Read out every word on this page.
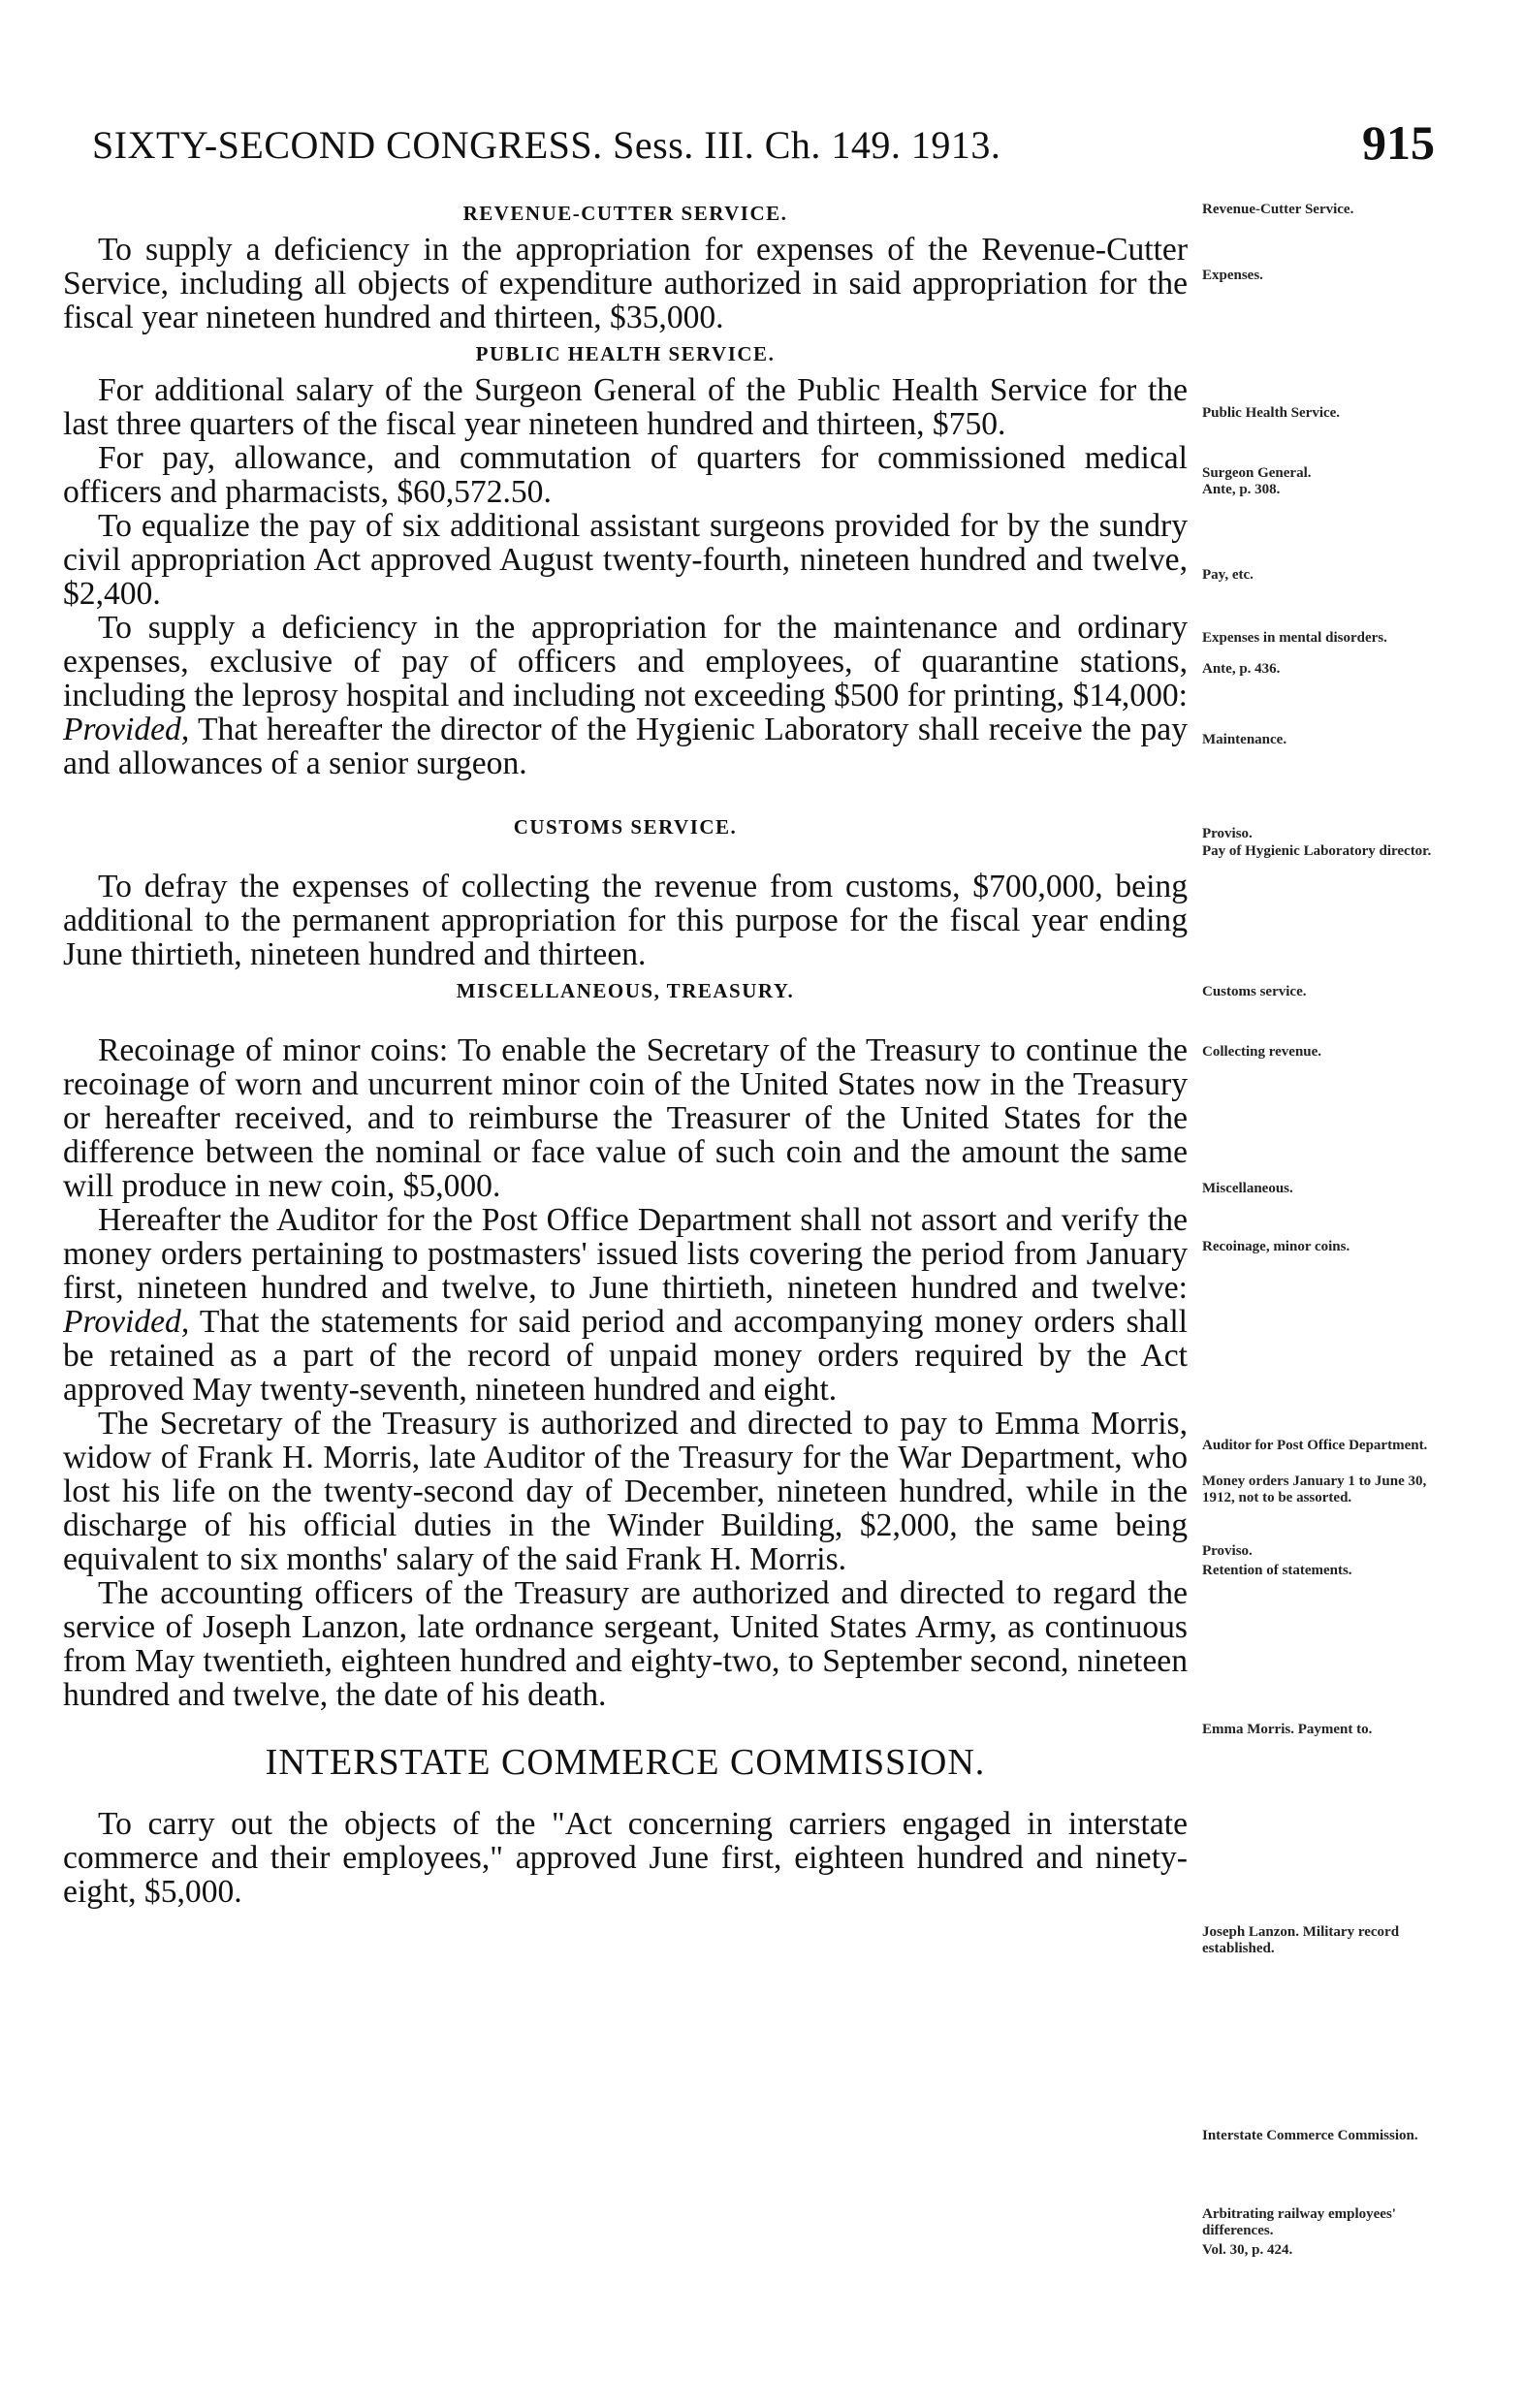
SIXTY-SECOND CONGRESS. Sess. III. Ch. 149. 1913.	915
REVENUE-CUTTER SERVICE.

To supply a deficiency in the appropriation for expenses of the Revenue-Cutter Service, including all objects of expenditure authorized in said appropriation for the fiscal year nineteen hundred and thirteen, $35,000.

PUBLIC HEALTH SERVICE.

For additional salary of the Surgeon General of the Public Health Service for the last three quarters of the fiscal year nineteen hundred and thirteen, $750.

For pay, allowance, and commutation of quarters for commissioned medical officers and pharmacists, $60,572.50.

To equalize the pay of six additional assistant surgeons provided for by the sundry civil appropriation Act approved August twenty-fourth, nineteen hundred and twelve, $2,400.

To supply a deficiency in the appropriation for the maintenance and ordinary expenses, exclusive of pay of officers and employees, of quarantine stations, including the leprosy hospital and including not exceeding $500 for printing, $14,000: Provided, That hereafter the director of the Hygienic Laboratory shall receive the pay and allowances of a senior surgeon.

CUSTOMS SERVICE.

To defray the expenses of collecting the revenue from customs, $700,000, being additional to the permanent appropriation for this purpose for the fiscal year ending June thirtieth, nineteen hundred and thirteen.

MISCELLANEOUS, TREASURY.

Recoinage of minor coins: To enable the Secretary of the Treasury to continue the recoinage of worn and uncurrent minor coin of the United States now in the Treasury or hereafter received, and to reimburse the Treasurer of the United States for the difference between the nominal or face value of such coin and the amount the same will produce in new coin, $5,000.

Hereafter the Auditor for the Post Office Department shall not assort and verify the money orders pertaining to postmasters' issued lists covering the period from January first, nineteen hundred and twelve, to June thirtieth, nineteen hundred and twelve: Provided, That the statements for said period and accompanying money orders shall be retained as a part of the record of unpaid money orders required by the Act approved May twenty-seventh, nineteen hundred and eight.

The Secretary of the Treasury is authorized and directed to pay to Emma Morris, widow of Frank H. Morris, late Auditor of the Treasury for the War Department, who lost his life on the twenty-second day of December, nineteen hundred, while in the discharge of his official duties in the Winder Building, $2,000, the same being equivalent to six months' salary of the said Frank H. Morris.

The accounting officers of the Treasury are authorized and directed to regard the service of Joseph Lanzon, late ordnance sergeant, United States Army, as continuous from May twentieth, eighteen hundred and eighty-two, to September second, nineteen hundred and twelve, the date of his death.

INTERSTATE COMMERCE COMMISSION.

To carry out the objects of the "Act concerning carriers engaged in interstate commerce and their employees," approved June first, eighteen hundred and ninety-eight, $5,000.

Revenue-Cutter Service.
Expenses.
Public Health Service.
Surgeon General.
Ante, p. 308.
Pay, etc.
Expenses in mental disorders.
Ante, p. 436.
Maintenance.
Proviso.
Pay of Hygienic Laboratory director.
Customs service.
Collecting revenue.
Miscellaneous.
Recoinage, minor coins.
Auditor for Post Office Department.
Money orders January 1 to June 30, 1912, not to be assorted.
Proviso.
Retention of statements.
Emma Morris. Payment to.
Joseph Lanzon. Military record established.
Interstate Commerce Commission.
Arbitrating railway employees' differences.
Vol. 30, p. 424.
